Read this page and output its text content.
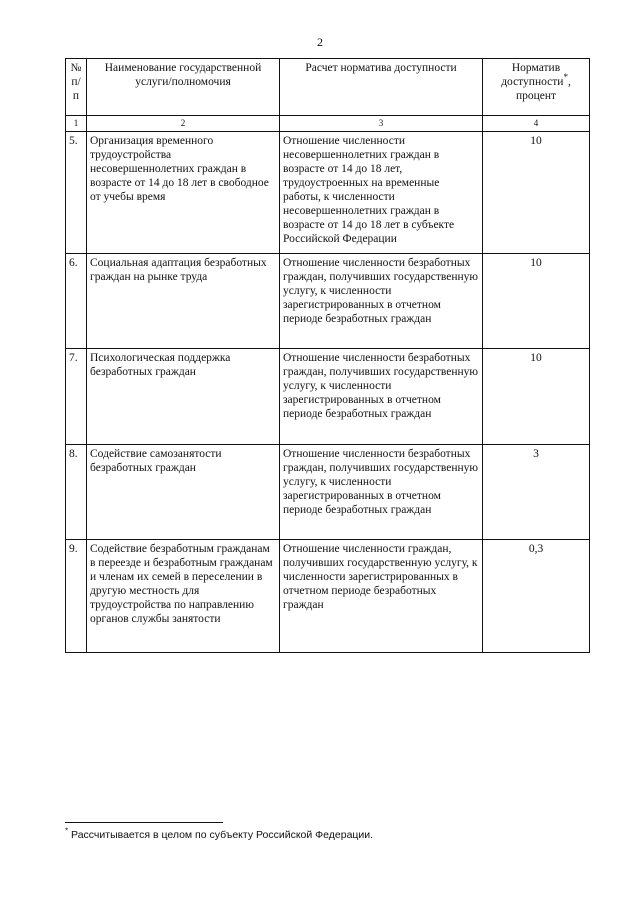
2
№ п/п	Наименование государственной услуги/полномочия	Расчет норматива доступности	Норматив доступности*, процент
1	2	3	4
5.	Организация временного трудоустройства несовершеннолетних граждан в возрасте от 14 до 18 лет в свободное от учебы время	Отношение численности несовершеннолетних граждан в возрасте от 14 до 18 лет, трудоустроенных на временные работы, к численности несовершеннолетних граждан в возрасте от 14 до 18 лет в субъекте Российской Федерации	10
6.	Социальная адаптация безработных граждан на рынке труда	Отношение численности безработных граждан, получивших государственную услугу, к численности зарегистрированных в отчетном периоде безработных граждан	10
7.	Психологическая поддержка безработных граждан	Отношение численности безработных граждан, получивших государственную услугу, к численности зарегистрированных в отчетном периоде безработных граждан	10
8.	Содействие самозанятости безработных граждан	Отношение численности безработных граждан, получивших государственную услугу, к численности зарегистрированных в отчетном периоде безработных граждан	3
9.	Содействие безработным гражданам в переезде и безработным гражданам и членам их семей в переселении в другую местность для трудоустройства по направлению органов службы занятости	Отношение численности граждан, получивших государственную услугу, к численности зарегистрированных в отчетном периоде безработных граждан	0,3
* Рассчитывается в целом по субъекту Российской Федерации.
